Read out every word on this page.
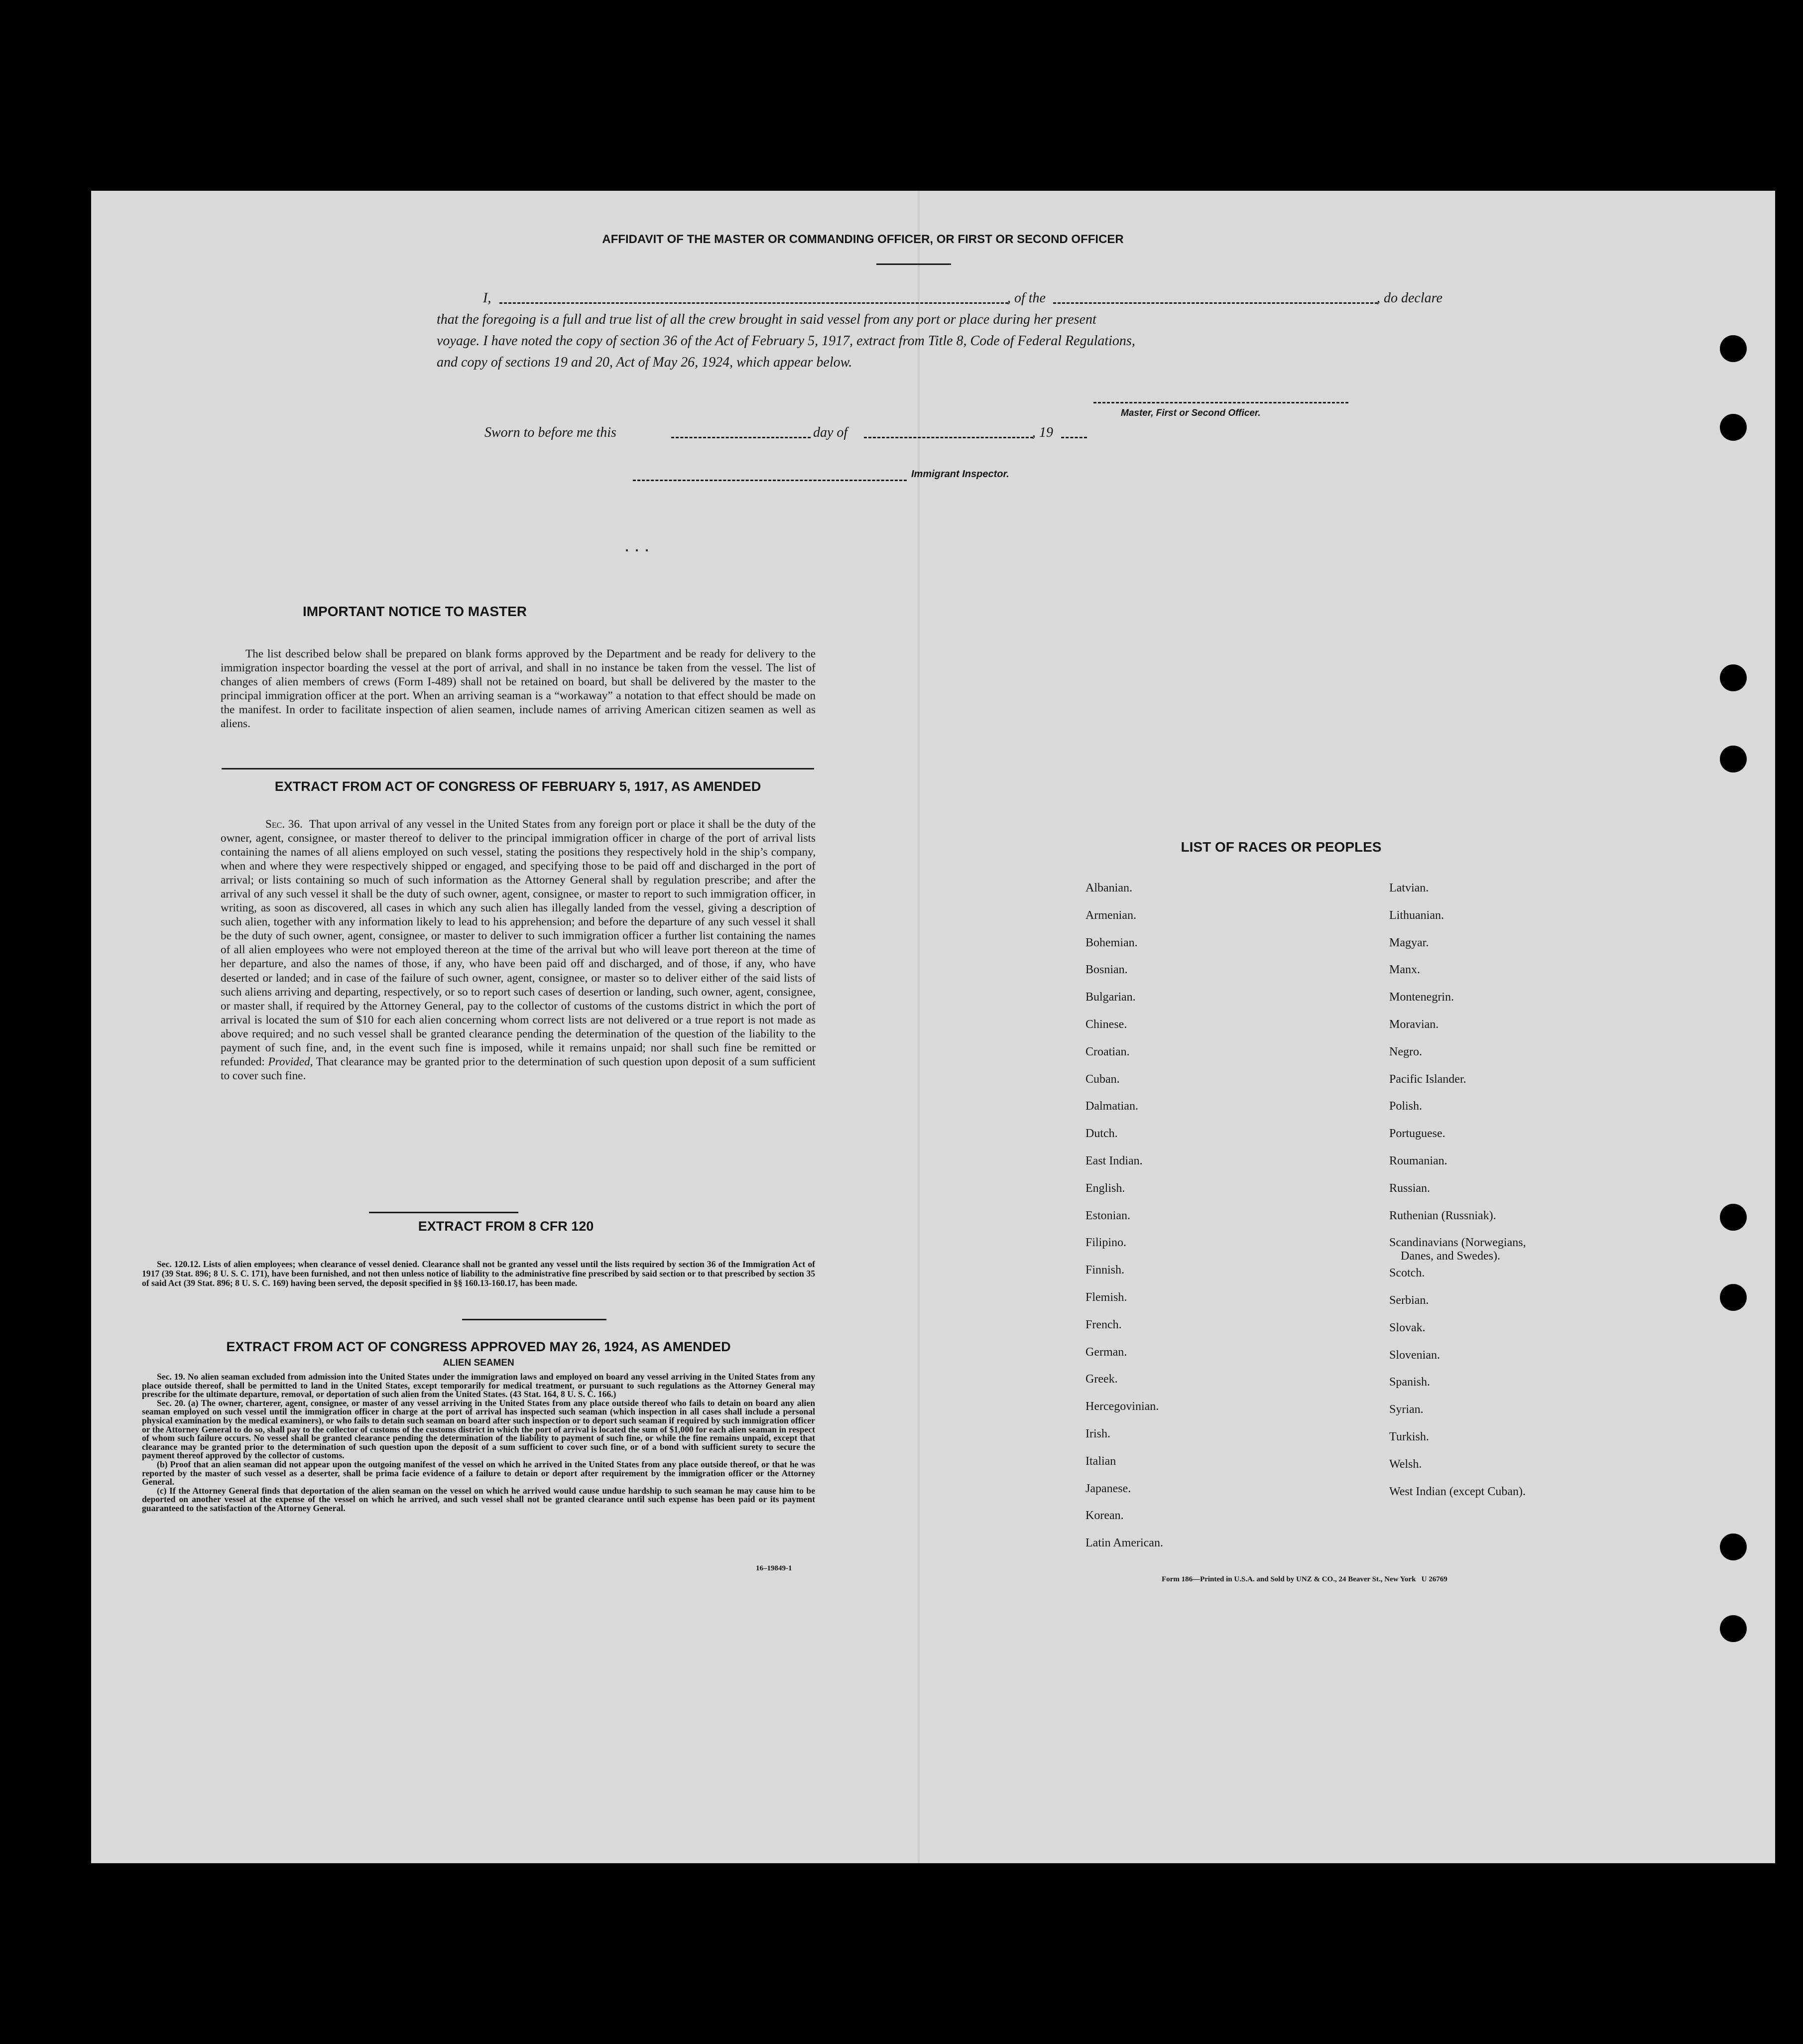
AFFIDAVIT OF THE MASTER OR COMMANDING OFFICER, OR FIRST OR SECOND OFFICER
I,	, of the	, do declare
that the foregoing is a full and true list of all the crew brought in said vessel from any port or place during her present
voyage. I have noted the copy of section 36 of the Act of February 5, 1917, extract from Title 8, Code of Federal Regulations,
and copy of sections 19 and 20, Act of May 26, 1924, which appear below.
Master, First or Second Officer.
Sworn to before me this	day of	, 19
Immigrant Inspector.
IMPORTANT NOTICE TO MASTER
The list described below shall be prepared on blank forms approved by the Department and be ready for delivery to the immigration inspector boarding the vessel at the port of arrival, and shall in no instance be taken from the vessel. The list of changes of alien members of crews (Form I-489) shall not be retained on board, but shall be delivered by the master to the principal immigration officer at the port. When an arriving seaman is a “workaway” a notation to that effect should be made on the manifest. In order to facilitate inspection of alien seamen, include names of arriving American citizen seamen as well as aliens.
EXTRACT FROM ACT OF CONGRESS OF FEBRUARY 5, 1917, AS AMENDED
Sec. 36. That upon arrival of any vessel in the United States from any foreign port or place it shall be the duty of the owner, agent, consignee, or master thereof to deliver to the principal immigration officer in charge of the port of arrival lists containing the names of all aliens employed on such vessel, stating the positions they respectively hold in the ship’s company, when and where they were respectively shipped or engaged, and specifying those to be paid off and discharged in the port of arrival; or lists containing so much of such information as the Attorney General shall by regulation prescribe; and after the arrival of any such vessel it shall be the duty of such owner, agent, consignee, or master to report to such immigration officer, in writing, as soon as discovered, all cases in which any such alien has illegally landed from the vessel, giving a description of such alien, together with any information likely to lead to his apprehension; and before the departure of any such vessel it shall be the duty of such owner, agent, consignee, or master to deliver to such immigration officer a further list containing the names of all alien employees who were not employed thereon at the time of the arrival but who will leave port thereon at the time of her departure, and also the names of those, if any, who have been paid off and discharged, and of those, if any, who have deserted or landed; and in case of the failure of such owner, agent, consignee, or master so to deliver either of the said lists of such aliens arriving and departing, respectively, or so to report such cases of desertion or landing, such owner, agent, consignee, or master shall, if required by the Attorney General, pay to the collector of customs of the customs district in which the port of arrival is located the sum of $10 for each alien concerning whom correct lists are not delivered or a true report is not made as above required; and no such vessel shall be granted clearance pending the determination of the question of the liability to the payment of such fine, and, in the event such fine is imposed, while it remains unpaid; nor shall such fine be remitted or refunded: Provided, That clearance may be granted prior to the determination of such question upon deposit of a sum sufficient to cover such fine.
EXTRACT FROM 8 CFR 120
Sec. 120.12. Lists of alien employees; when clearance of vessel denied. Clearance shall not be granted any vessel until the lists required by section 36 of the Immigration Act of 1917 (39 Stat. 896; 8 U. S. C. 171), have been furnished, and not then unless notice of liability to the administrative fine prescribed by said section or to that prescribed by section 35 of said Act (39 Stat. 896; 8 U. S. C. 169) having been served, the deposit specified in §§ 160.13-160.17, has been made.
EXTRACT FROM ACT OF CONGRESS APPROVED MAY 26, 1924, AS AMENDED
ALIEN SEAMEN
Sec. 19. No alien seaman excluded from admission into the United States under the immigration laws and employed on board any vessel arriving in the United States from any place outside thereof, shall be permitted to land in the United States, except temporarily for medical treatment, or pursuant to such regulations as the Attorney General may prescribe for the ultimate departure, removal, or deportation of such alien from the United States. (43 Stat. 164, 8 U. S. C. 166.)
Sec. 20. (a) The owner, charterer, agent, consignee, or master of any vessel arriving in the United States from any place outside thereof who fails to detain on board any alien seaman employed on such vessel until the immigration officer in charge at the port of arrival has inspected such seaman (which inspection in all cases shall include a personal physical examination by the medical examiners), or who fails to detain such seaman on board after such inspection or to deport such seaman if required by such immigration officer or the Attorney General to do so, shall pay to the collector of customs of the customs district in which the port of arrival is located the sum of $1,000 for each alien seaman in respect of whom such failure occurs. No vessel shall be granted clearance pending the determination of the liability to payment of such fine, or while the fine remains unpaid, except that clearance may be granted prior to the determination of such question upon the deposit of a sum sufficient to cover such fine, or of a bond with sufficient surety to secure the payment thereof approved by the collector of customs.
(b) Proof that an alien seaman did not appear upon the outgoing manifest of the vessel on which he arrived in the United States from any place outside thereof, or that he was reported by the master of such vessel as a deserter, shall be prima facie evidence of a failure to detain or deport after requirement by the immigration officer or the Attorney General.
(c) If the Attorney General finds that deportation of the alien seaman on the vessel on which he arrived would cause undue hardship to such seaman he may cause him to be deported on another vessel at the expense of the vessel on which he arrived, and such vessel shall not be granted clearance until such expense has been paid or its payment guaranteed to the satisfaction of the Attorney General.
16–19849-1
LIST OF RACES OR PEOPLES
Albanian.
Armenian.
Bohemian.
Bosnian.
Bulgarian.
Chinese.
Croatian.
Cuban.
Dalmatian.
Dutch.
East Indian.
English.
Estonian.
Filipino.
Finnish.
Flemish.
French.
German.
Greek.
Hercegovinian.
Irish.
Italian
Japanese.
Korean.
Latin American.
Latvian.
Lithuanian.
Magyar.
Manx.
Montenegrin.
Moravian.
Negro.
Pacific Islander.
Polish.
Portuguese.
Roumanian.
Russian.
Ruthenian (Russniak).
Scandinavians (Norwegians,
Danes, and Swedes).
Scotch.
Serbian.
Slovak.
Slovenian.
Spanish.
Syrian.
Turkish.
Welsh.
West Indian (except Cuban).
Form 186—Printed in U.S.A. and Sold by UNZ & CO., 24 Beaver St., New York   U 26769
